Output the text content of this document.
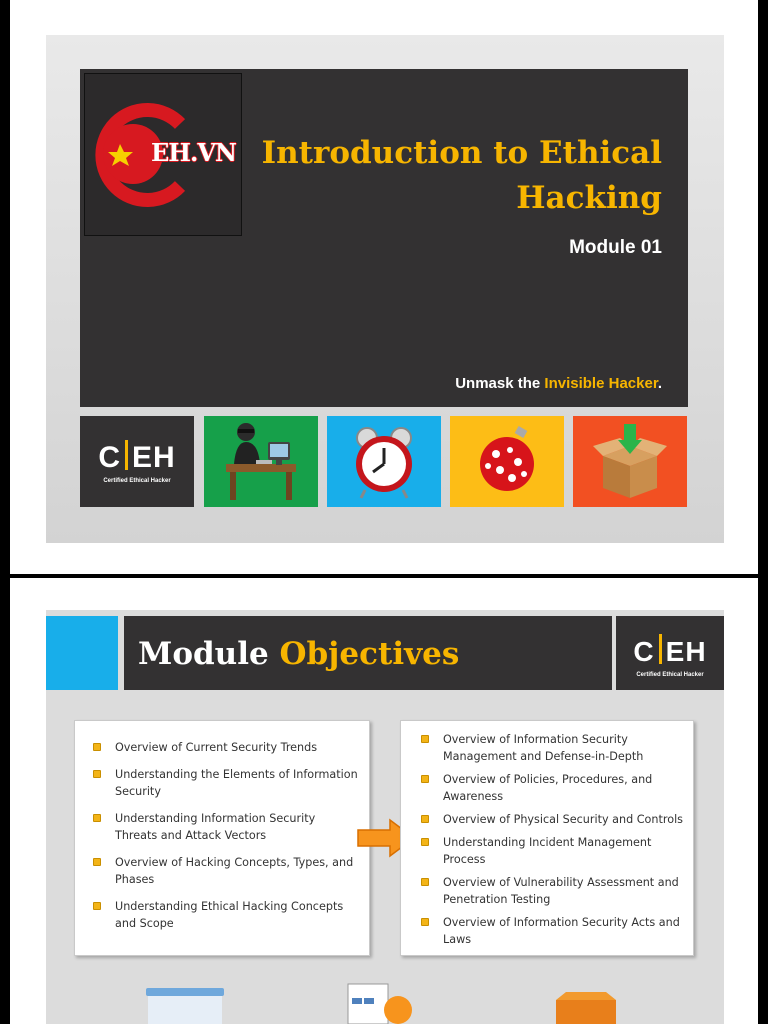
EH.VN Introduction to Ethical
Hacking
Module 01
Unmask the Invisible Hacker.
C EH
Certified Ethical Hacker
Module Objectives	C EH
Certified Ethical Hacker
Overview of Current Security Trends
Understanding the Elements of Information Security
Understanding Information Security Threats and Attack Vectors
Overview of Hacking Concepts, Types, and Phases
Understanding Ethical Hacking Concepts and Scope
Overview of Information Security Management and Defense-in-Depth
Overview of Policies, Procedures, and Awareness
Overview of Physical Security and Controls
Understanding Incident Management Process
Overview of Vulnerability Assessment and Penetration Testing
Overview of Information Security Acts and Laws
